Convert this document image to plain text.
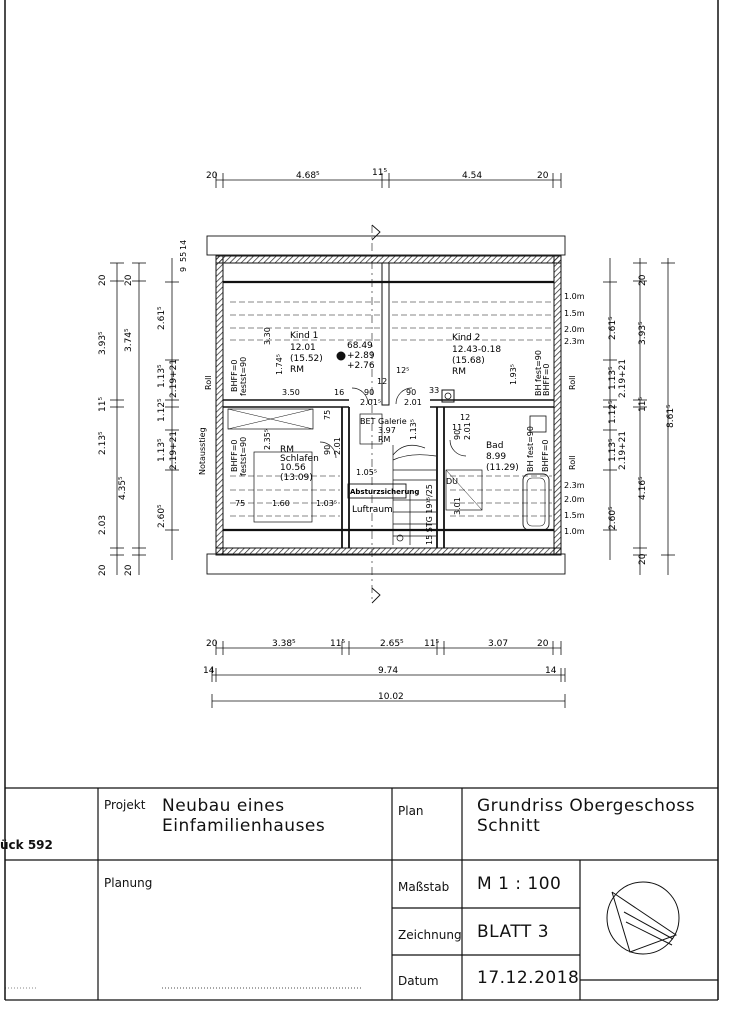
20	4.68⁵	11⁵	4.54	20
20
3.93⁵
11⁵
2.13⁵
4.35⁵
2.03
20
20
3.74⁵
2.61⁵
1.13⁵ 2.19+21
1.12⁵
1.13⁵ 2.19+21
2.60⁵
20
9
55
14
2.61⁵
1.13⁵ 2.19+21
1.12⁵
1.13⁵ 2.19+21
2.60⁵
20
3.93⁵
11⁵ 8.61⁵
4.16⁵
20
1.0m
1.5m
2.0m
2.3m
2.3m
2.0m
1.5m
1.0m
BHFF=0 festst=90
BHFF=0 festst=90
Roll
Notausstieg
BH fest=90 BHFF=0
BH fest=90 BHFF=0
Roll
Roll
Kind 1
12.01
(15.52)
RM
68.49
+2.89
+2.76
Kind 2
12.43-0.18
(15.68)
RM
RM
Schlafen
10.56
(13.09)
Bad
8.99
(11.29)
BET Galerie
3.97
RM
Absturzsicherung
Luftraum
3.30
1.74⁵
3.50	16 90
2.01⁵
12
12⁵
90
2.01
33
1.93⁵
75
2.35⁵	90 2.01
1.13⁵	90 2.01
1.05⁵
75	1.60	1.03⁵	3.01
DU
15 STG 19¹⁵/25
11
12
20	3.38⁵	11⁵	2.65⁵ 11⁵	3.07	20
14	9.74	14
10.02
Projekt Neubau eines
Einfamilienhauses
Plan	Grundriss Obergeschoss
Schnitt
ück 592
Planung	Maßstab M 1 : 100
Zeichnung BLATT 3
Datum 17.12.2018
